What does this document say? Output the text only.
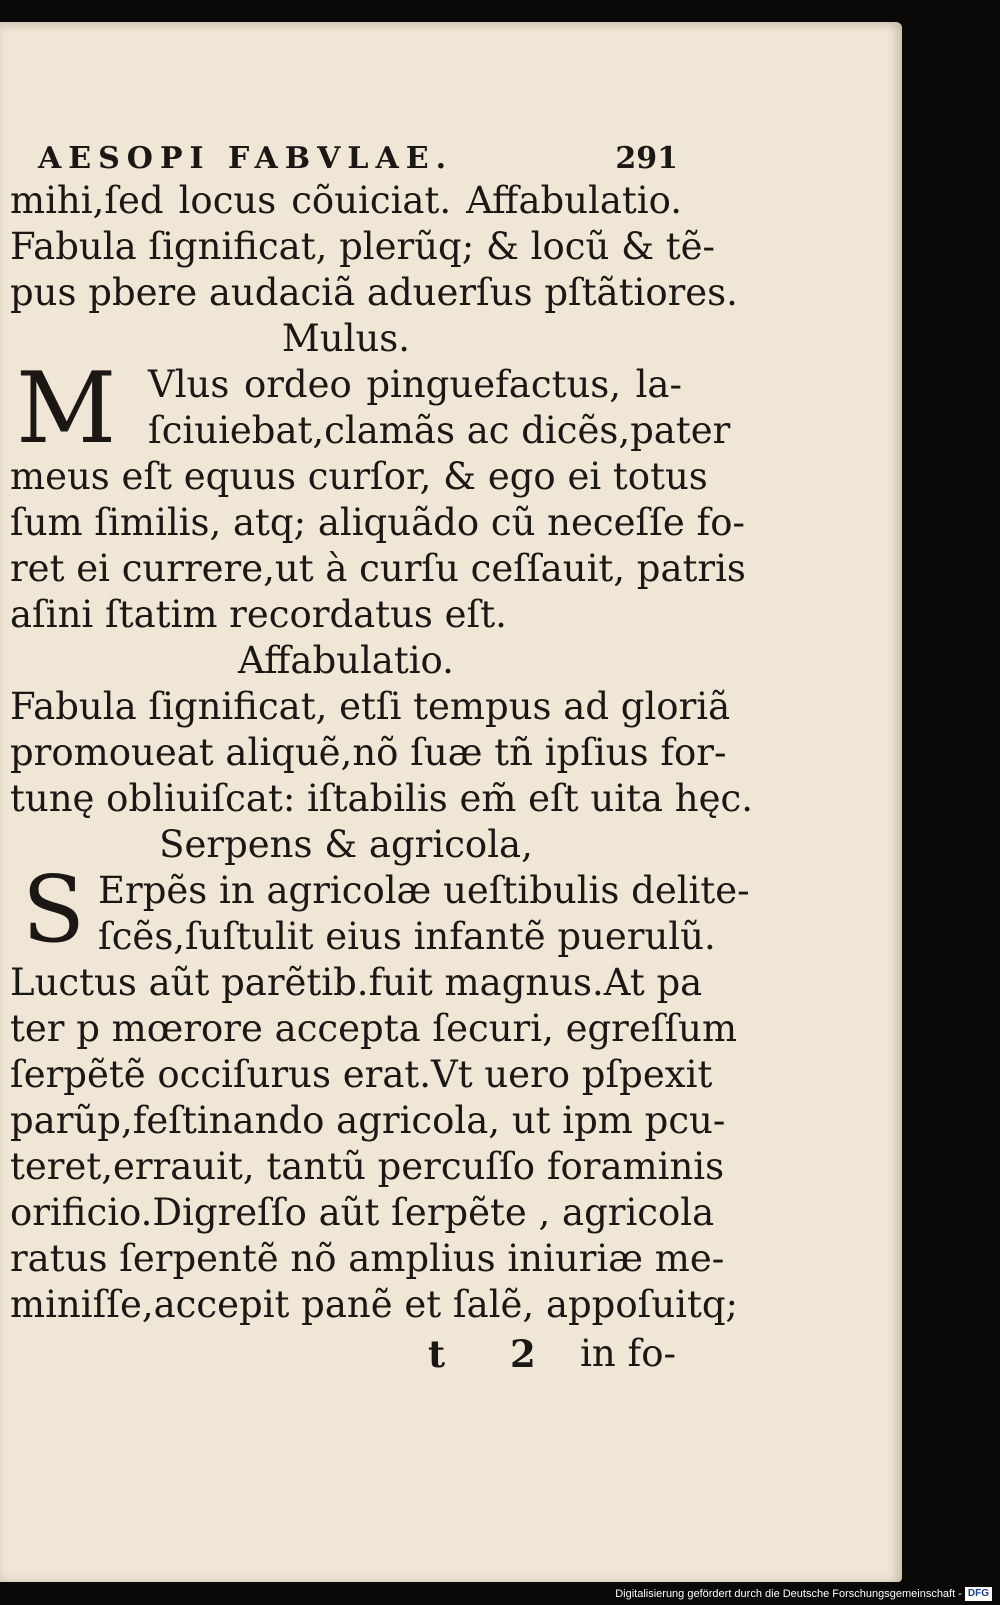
AESOPI FABVLAE.	291
mihi,ſed locus cõuiciat. Affabulatio.
Fabula ſignificat, plerũq; & locũ & tẽ-
pus pbere audaciã aduerſus pſtãtiores.
Mulus.
M Vlus ordeo pinguefactus, la-
ſciuiebat,clamãs ac dicẽs,pater
meus eſt equus curſor, & ego ei totus
ſum ſimilis, atq; aliquãdo cũ neceſſe fo-
ret ei currere,ut à curſu ceſſauit, patris
aſini ſtatim recordatus eſt.
Affabulatio.
Fabula ſignificat, etſi tempus ad gloriã
promoueat aliquẽ,nõ ſuæ tñ ipſius for-
tunę obliuiſcat: iſtabilis em̃ eſt uita hęc.
Serpens & agricola,
S Erpẽs in agricolæ ueſtibulis delite-
ſcẽs,ſuſtulit eius infantẽ puerulũ.
Luctus aũt parẽtib.fuit magnus.At pa
ter p mœrore accepta ſecuri, egreſſum
ſerpẽtẽ occiſurus erat.Vt uero pſpexit
parũp,feſtinando agricola, ut ipm pcu-
teret,errauit, tantũ percuſſo foraminis
orificio.Digreſſo aũt ſerpẽte , agricola
ratus ſerpentẽ nõ amplius iniuriæ me-
miniſſe,accepit panẽ et ſalẽ, appoſuitq;
t 2 in fo-
Digitalisierung gefördert durch die Deutsche Forschungsgemeinschaft - DFG
